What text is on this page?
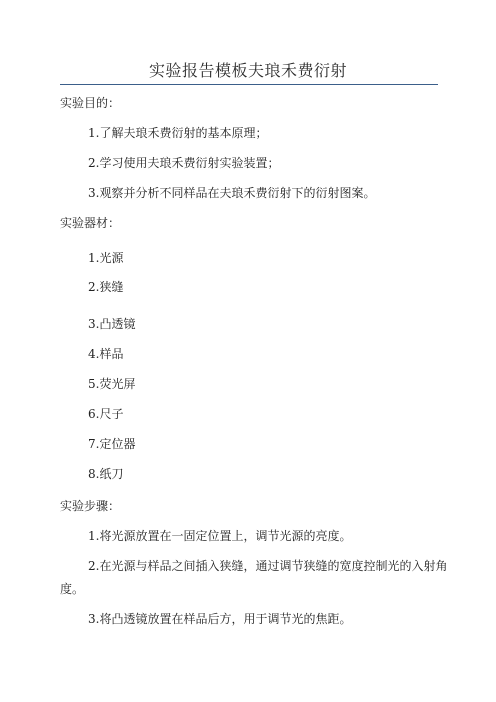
实验报告模板夫琅禾费衍射
实验目的：
1.了解夫琅禾费衍射的基本原理；
2.学习使用夫琅禾费衍射实验装置；
3.观察并分析不同样品在夫琅禾费衍射下的衍射图案。
实验器材：
1.光源
2.狭缝
3.凸透镜
4.样品
5.荧光屏
6.尺子
7.定位器
8.纸刀
实验步骤：
1.将光源放置在一固定位置上，调节光源的亮度。
2.在光源与样品之间插入狭缝，通过调节狭缝的宽度控制光的入射角
度。
3.将凸透镜放置在样品后方，用于调节光的焦距。
